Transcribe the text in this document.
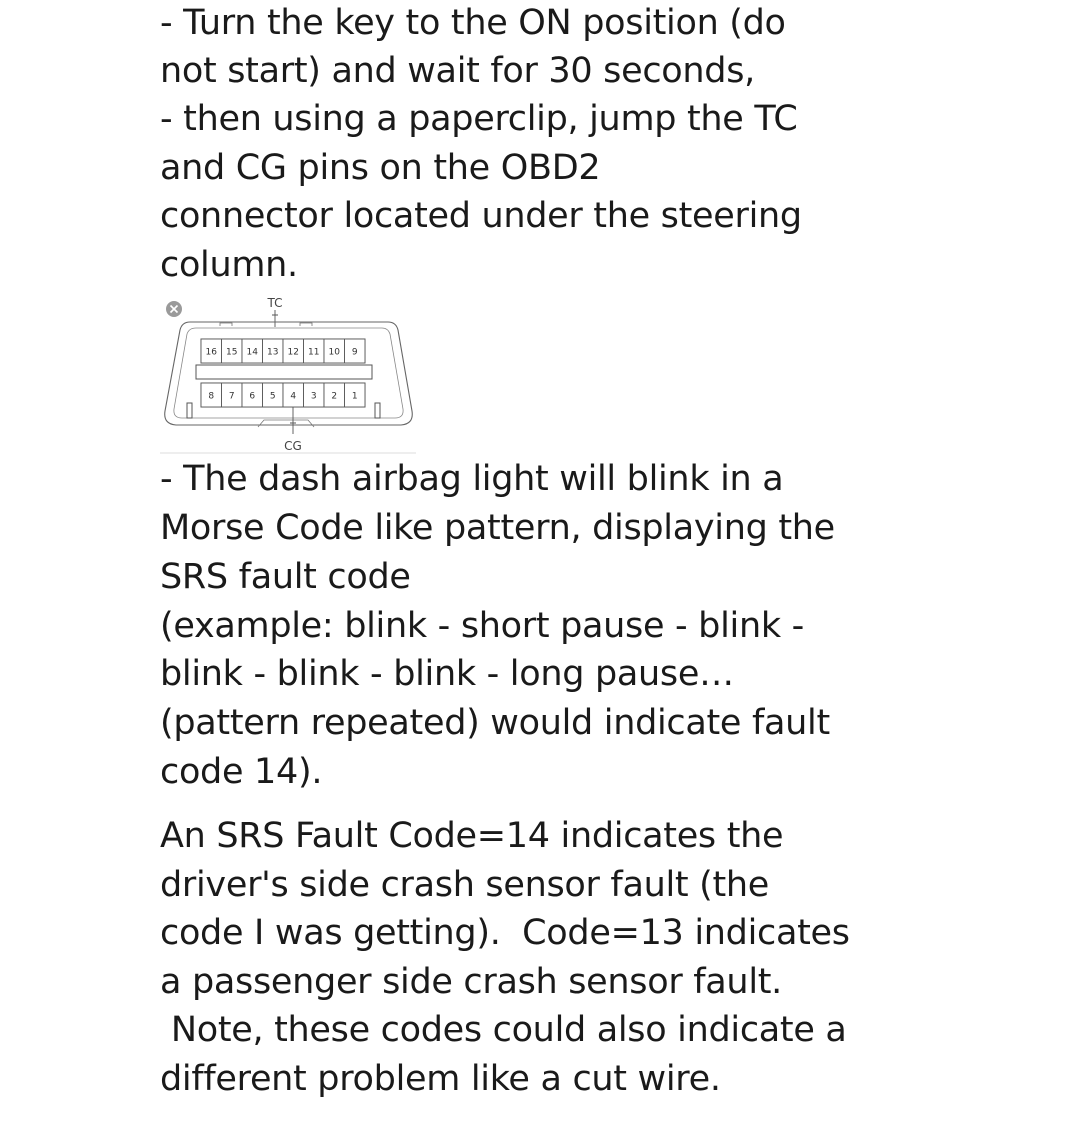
- Turn the key to the ON position (do
not start) and wait for 30 seconds,
- then using a paperclip, jump the TC
and CG pins on the OBD2
connector located under the steering
column.
TC
16 15 14 13 12 11 10 9
8 7 6 5 4 3 2 1
CG
- The dash airbag light will blink in a
Morse Code like pattern, displaying the
SRS fault code
(example: blink - short pause - blink -
blink - blink - blink - long pause…
(pattern repeated) would indicate fault
code 14).
An SRS Fault Code=14 indicates the
driver's side crash sensor fault (the
code I was getting).  Code=13 indicates
a passenger side crash sensor fault.
Note, these codes could also indicate a
different problem like a cut wire.
